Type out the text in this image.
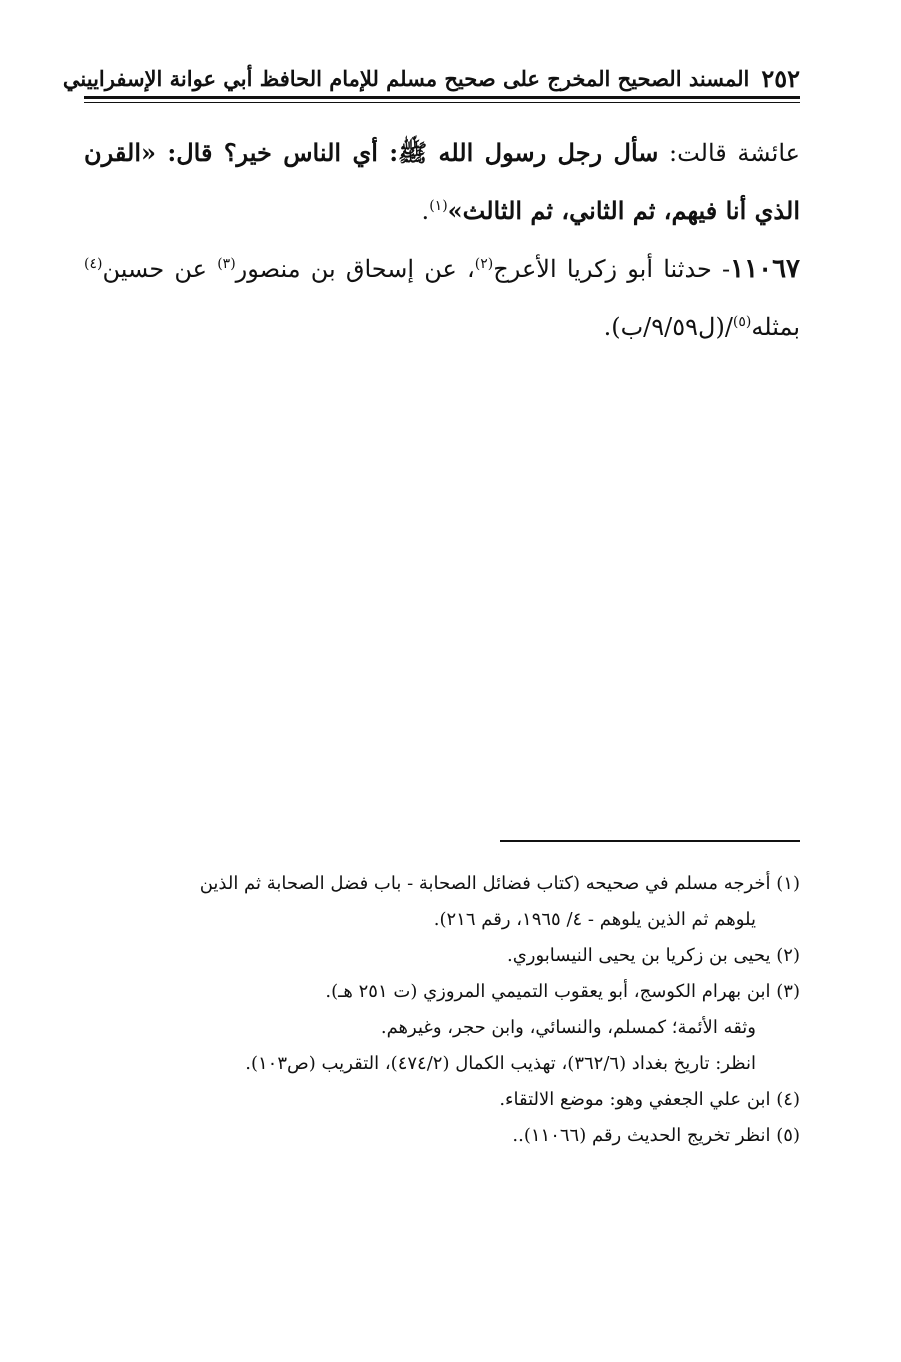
٢٥٢
المسند الصحيح المخرج على صحيح مسلم للإمام الحافظ أبي عوانة الإسفراييني

عائشة قالت: سأل رجل رسول الله ﷺ: أي الناس خير؟ قال: «القرن الذي أنا فيهم، ثم الثاني، ثم الثالث»$^{(١)}$.

١١٠٦٧- حدثنا أبو زكريا الأعرج$^{(٢)}$، عن إسحاق بن منصور$^{(٣)}$ عن حسين$^{(٤)}$ بمثله$^{(٥)}$/(ل٩/٥٩/ب).

(١) أخرجه مسلم في صحيحه (كتاب فضائل الصحابة - باب فضل الصحابة ثم الذين

يلوهم ثم الذين يلوهم - ٤/ ١٩٦٥، رقم ٢١٦).

(٢) يحيى بن زكريا بن يحيى النيسابوري.

(٣) ابن بهرام الكوسج، أبو يعقوب التميمي المروزي (ت ٢٥١ هـ).

وثقه الأئمة؛ كمسلم، والنسائي، وابن حجر، وغيرهم.

انظر: تاريخ بغداد (٣٦٢/٦)، تهذيب الكمال (٤٧٤/٢)، التقريب (ص١٠٣).

(٤) ابن علي الجعفي وهو: موضع الالتقاء.

(٥) انظر تخريج الحديث رقم (١١٠٦٦)..
